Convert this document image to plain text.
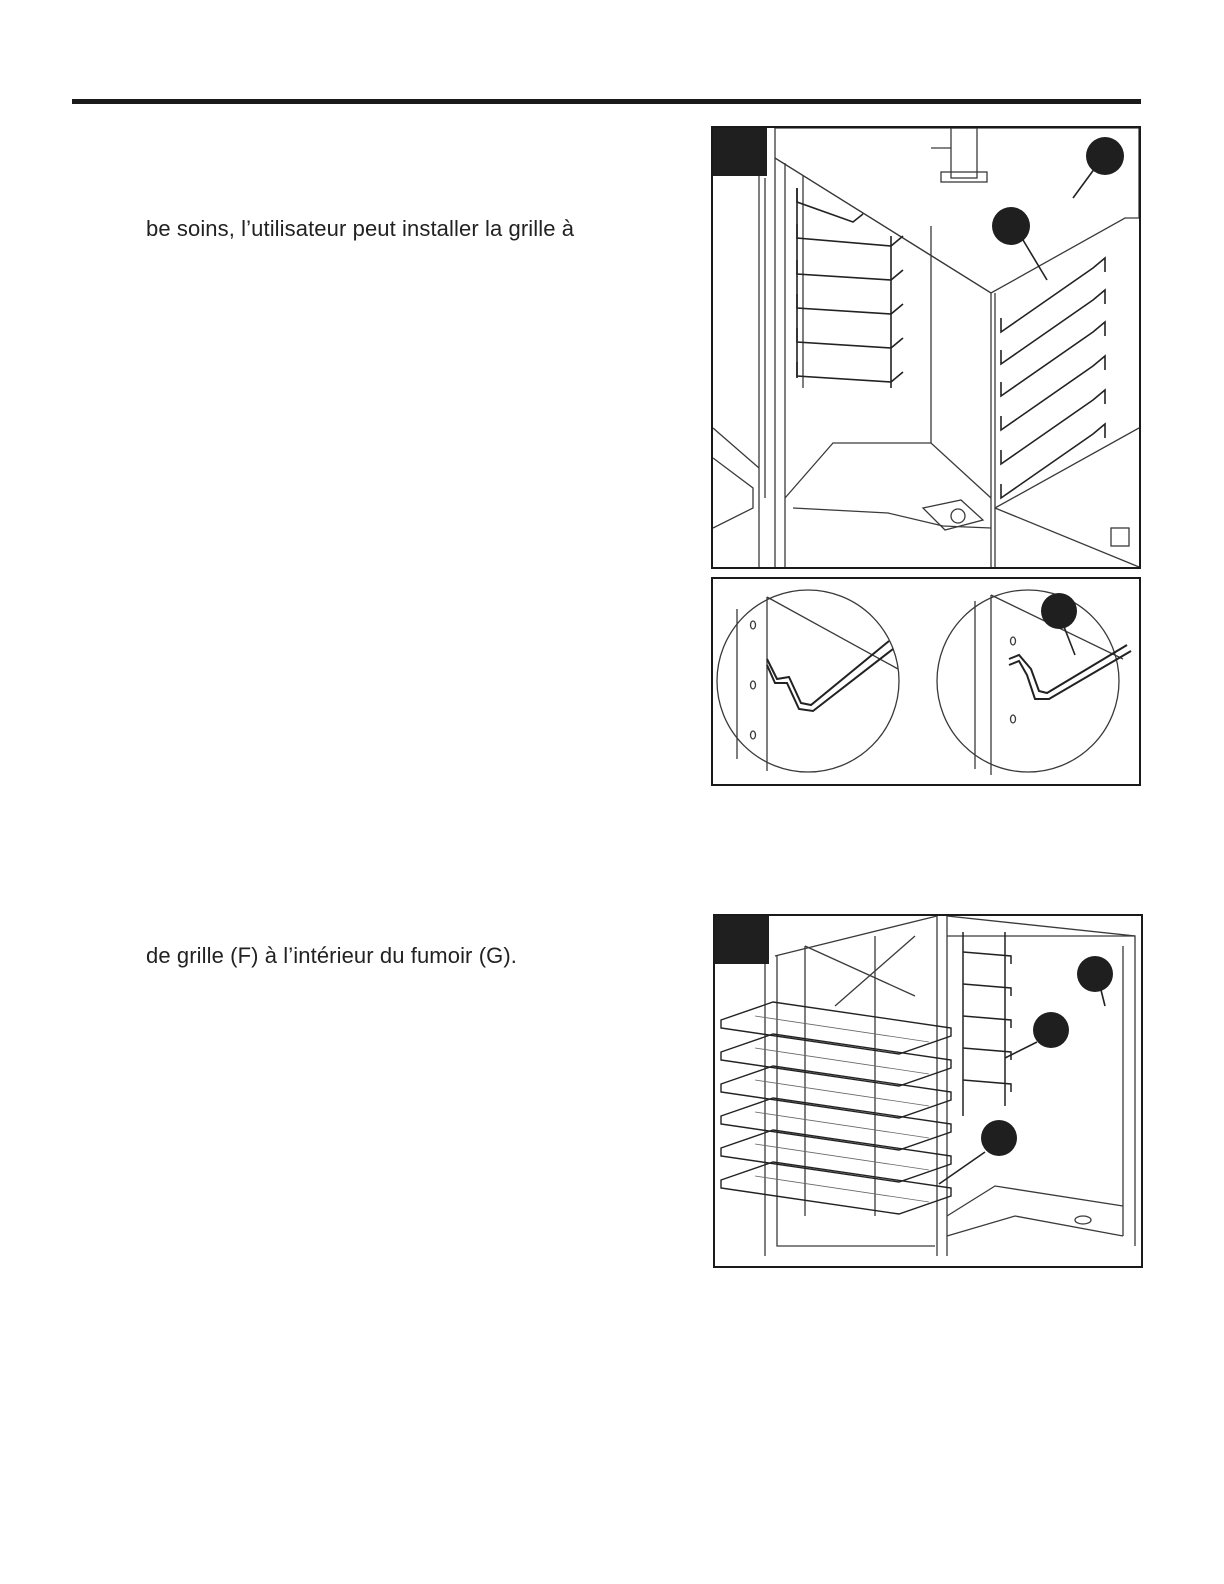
be soins, l’utilisateur peut installer la grille à
de grille (F) à l’intérieur du fumoir (G).
